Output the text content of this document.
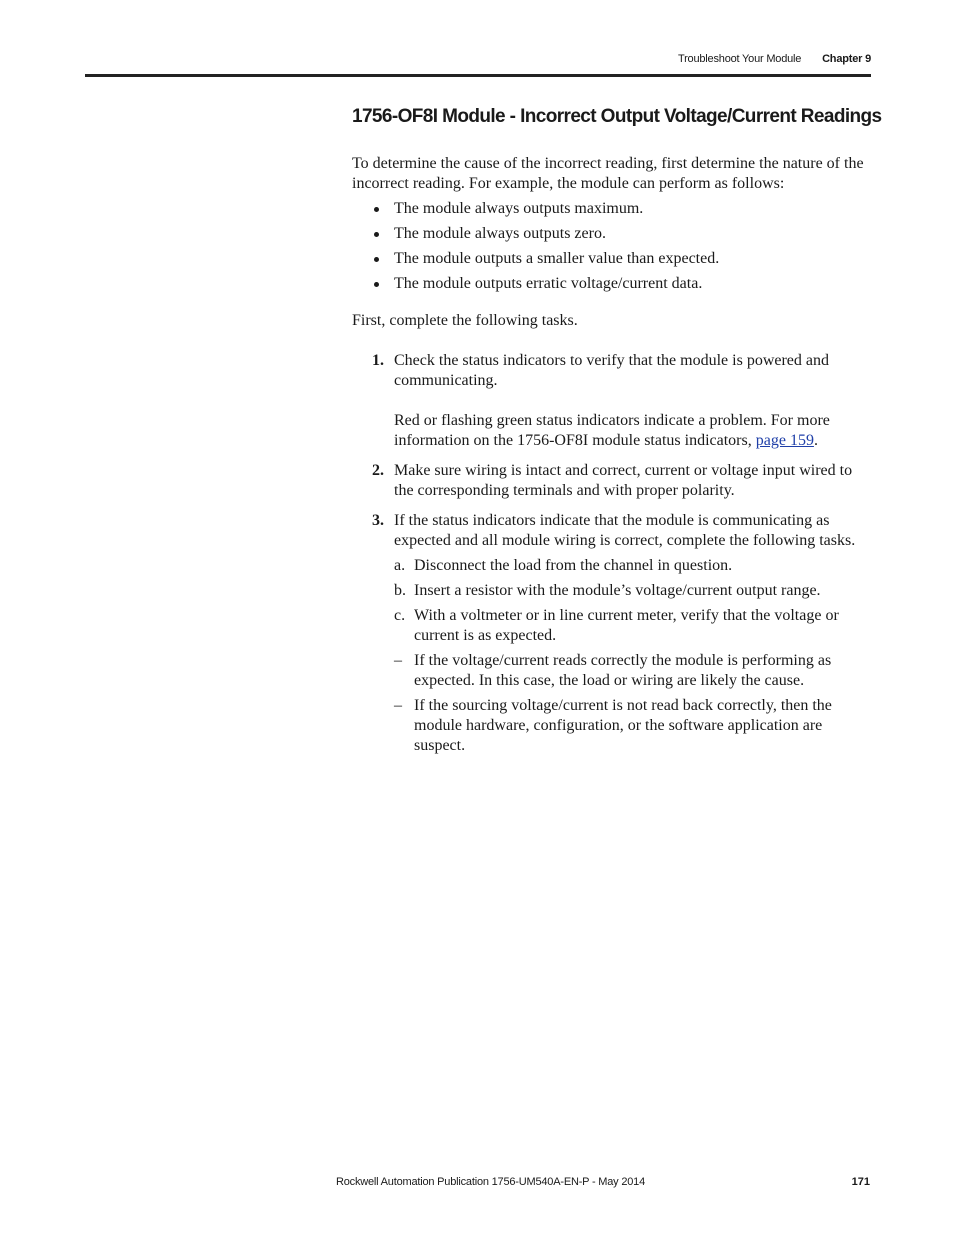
Troubleshoot Your Module Chapter 9
1756-OF8I Module - Incorrect Output Voltage/Current Readings

To determine the cause of the incorrect reading, first determine the nature of the incorrect reading. For example, the module can perform as follows:

The module always outputs maximum.
The module always outputs zero.
The module outputs a smaller value than expected.
The module outputs erratic voltage/current data.

First, complete the following tasks.

1. Check the status indicators to verify that the module is powered and communicating.

Red or flashing green status indicators indicate a problem. For more information on the 1756-OF8I module status indicators, page 159.

2. Make sure wiring is intact and correct, current or voltage input wired to the corresponding terminals and with proper polarity.

3. If the status indicators indicate that the module is communicating as expected and all module wiring is correct, complete the following tasks.

a. Disconnect the load from the channel in question.

b. Insert a resistor with the module’s voltage/current output range.

c. With a voltmeter or in line current meter, verify that the voltage or current is as expected.

– If the voltage/current reads correctly the module is performing as expected. In this case, the load or wiring are likely the cause.

– If the sourcing voltage/current is not read back correctly, then the module hardware, configuration, or the software application are suspect.

Rockwell Automation Publication 1756-UM540A-EN-P - May 2014	171
